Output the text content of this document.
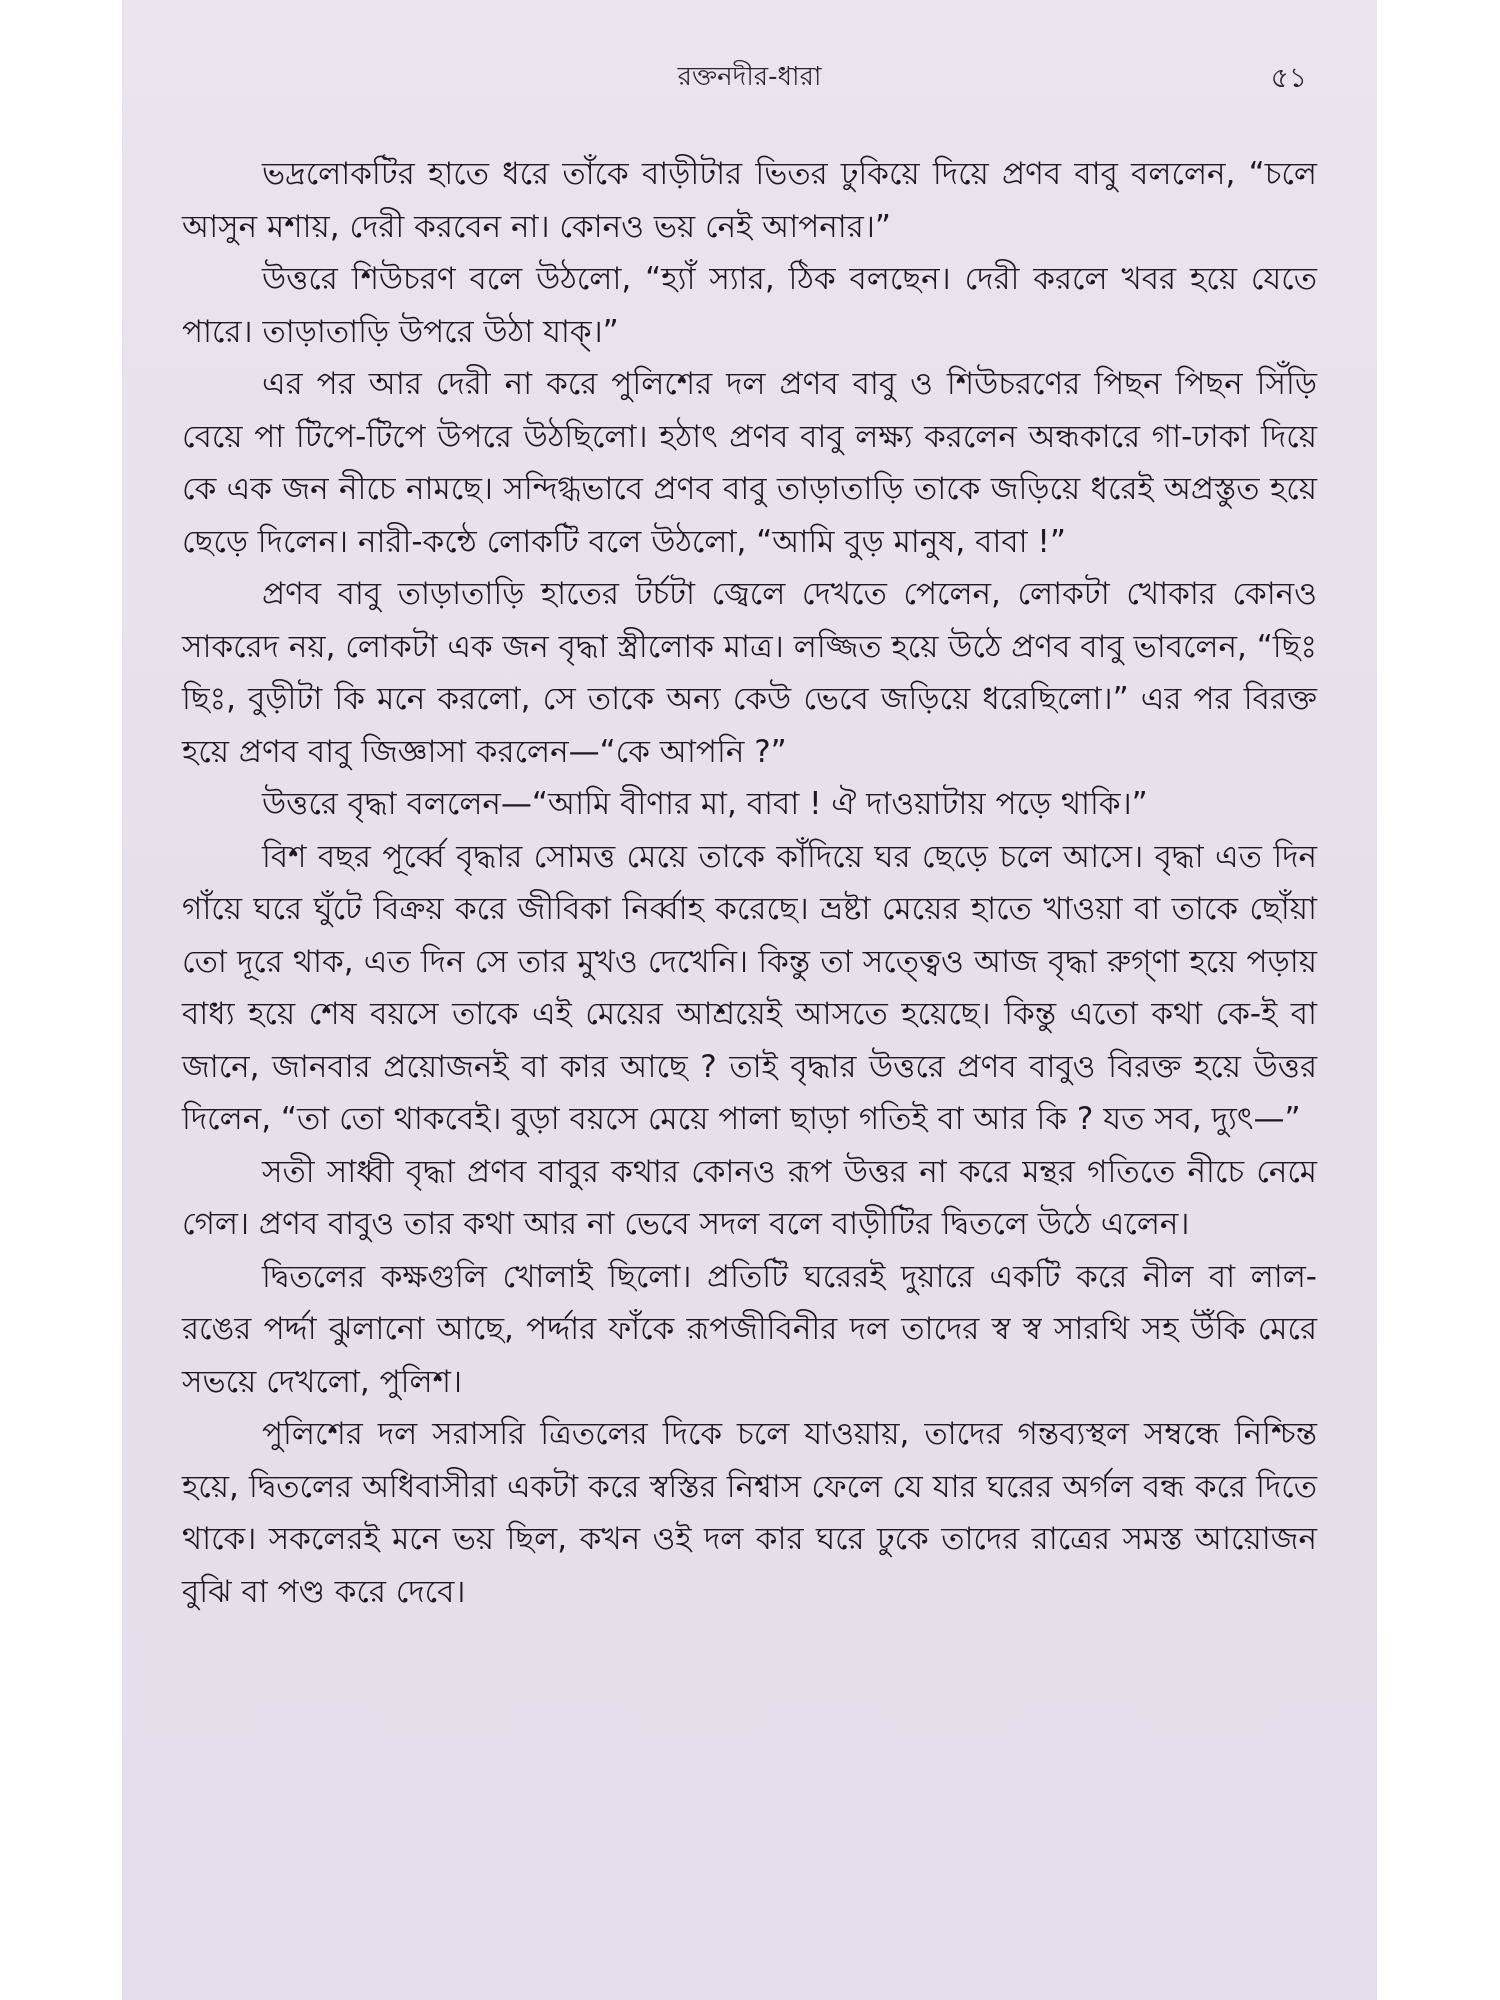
রক্তনদীর-ধারা	৫১

ভদ্রলোকটির হাতে ধরে তাঁকে বাড়ীটার ভিতর ঢুকিয়ে দিয়ে প্রণব বাবু বললেন, “চলে আসুন মশায়, দেরী করবেন না। কোনও ভয় নেই আপনার।”

উত্তরে শিউচরণ বলে উঠলো, “হ্যাঁ স্যার, ঠিক বলছেন। দেরী করলে খবর হয়ে যেতে পারে। তাড়াতাড়ি উপরে উঠা যাক্।”

এর পর আর দেরী না করে পুলিশের দল প্রণব বাবু ও শিউচরণের পিছন পিছন সিঁড়ি বেয়ে পা টিপে-টিপে উপরে উঠছিলো। হঠাৎ প্রণব বাবু লক্ষ্য করলেন অন্ধকারে গা-ঢাকা দিয়ে কে এক জন নীচে নামছে। সন্দিগ্ধভাবে প্রণব বাবু তাড়াতাড়ি তাকে জড়িয়ে ধরেই অপ্রস্তুত হয়ে ছেড়ে দিলেন। নারী-কন্ঠে লোকটি বলে উঠলো, “আমি বুড় মানুষ, বাবা !”

প্রণব বাবু তাড়াতাড়ি হাতের টর্চটা জ্বেলে দেখতে পেলেন, লোকটা খোকার কোনও সাকরেদ নয়, লোকটা এক জন বৃদ্ধা স্ত্রীলোক মাত্র। লজ্জিত হয়ে উঠে প্রণব বাবু ভাবলেন, “ছিঃ ছিঃ, বুড়ীটা কি মনে করলো, সে তাকে অন্য কেউ ভেবে জড়িয়ে ধরেছিলো।” এর পর বিরক্ত হয়ে প্রণব বাবু জিজ্ঞাসা করলেন—“কে আপনি ?”

উত্তরে বৃদ্ধা বললেন—“আমি বীণার মা, বাবা ! ঐ দাওয়াটায় পড়ে থাকি।”

বিশ বছর পূর্ব্বে বৃদ্ধার সোমত্ত মেয়ে তাকে কাঁদিয়ে ঘর ছেড়ে চলে আসে। বৃদ্ধা এত দিন গাঁয়ে ঘরে ঘুঁটে বিক্রয় করে জীবিকা নির্ব্বাহ করেছে। ভ্রষ্টা মেয়ের হাতে খাওয়া বা তাকে ছোঁয়া তো দূরে থাক, এত দিন সে তার মুখও দেখেনি। কিন্তু তা সত্ত্বেও আজ বৃদ্ধা রুগ্ণা হয়ে পড়ায় বাধ্য হয়ে শেষ বয়সে তাকে এই মেয়ের আশ্রয়েই আসতে হয়েছে। কিন্তু এতো কথা কে-ই বা জানে, জানবার প্রয়োজনই বা কার আছে ? তাই বৃদ্ধার উত্তরে প্রণব বাবুও বিরক্ত হয়ে উত্তর দিলেন, “তা তো থাকবেই। বুড়া বয়সে মেয়ে পালা ছাড়া গতিই বা আর কি ? যত সব, দ্যুৎ—”

সতী সাধ্বী বৃদ্ধা প্রণব বাবুর কথার কোনও রূপ উত্তর না করে মন্থর গতিতে নীচে নেমে গেল। প্রণব বাবুও তার কথা আর না ভেবে সদল বলে বাড়ীটির দ্বিতলে উঠে এলেন।

দ্বিতলের কক্ষগুলি খোলাই ছিলো। প্রতিটি ঘরেরই দুয়ারে একটি করে নীল বা লাল-রঙের পর্দ্দা ঝুলানো আছে, পর্দ্দার ফাঁকে রূপজীবিনীর দল তাদের স্ব স্ব সারথি সহ উঁকি মেরে সভয়ে দেখলো, পুলিশ।

পুলিশের দল সরাসরি ত্রিতলের দিকে চলে যাওয়ায়, তাদের গন্তব্যস্থল সম্বন্ধে নিশ্চিন্ত হয়ে, দ্বিতলের অধিবাসীরা একটা করে স্বস্তির নিশ্বাস ফেলে যে যার ঘরের অর্গল বন্ধ করে দিতে থাকে। সকলেরই মনে ভয় ছিল, কখন ওই দল কার ঘরে ঢুকে তাদের রাত্রের সমস্ত আয়োজন বুঝি বা পণ্ড করে দেবে।
